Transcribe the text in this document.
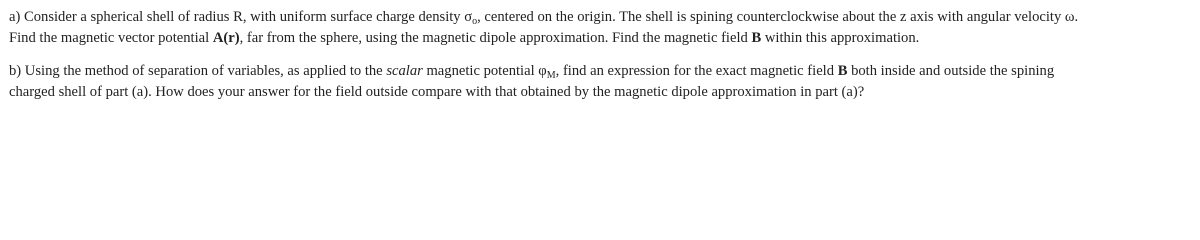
a) Consider a spherical shell of radius R, with uniform surface charge density $\sigma_o$, centered on the origin. The shell is spining counterclockwise about the z axis with angular velocity ω.
Find the magnetic vector potential A(r), far from the sphere, using the magnetic dipole approximation. Find the magnetic field B within this approximation.
b) Using the method of separation of variables, as applied to the scalar magnetic potential $\varphi_M$, find an expression for the exact magnetic field B both inside and outside the spining
charged shell of part (a). How does your answer for the field outside compare with that obtained by the magnetic dipole approximation in part (a)?
